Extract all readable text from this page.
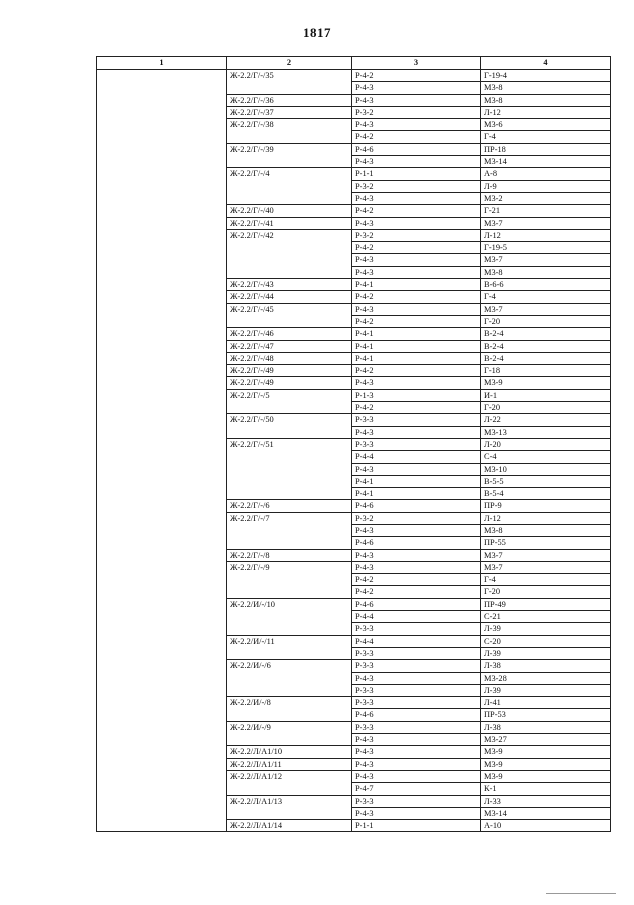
1817
1	2	3	4
	Ж-2.2/Г/-/35	Р-4-2	Г-19-4
		Р-4-3	М3-8
	Ж-2.2/Г/-/36	Р-4-3	М3-8
	Ж-2.2/Г/-/37	Р-3-2	Л-12
	Ж-2.2/Г/-/38	Р-4-3	М3-6
		Р-4-2	Г-4
	Ж-2.2/Г/-/39	Р-4-6	ПР-18
		Р-4-3	М3-14
	Ж-2.2/Г/-/4	Р-1-1	А-8
		Р-3-2	Л-9
		Р-4-3	М3-2
	Ж-2.2/Г/-/40	Р-4-2	Г-21
	Ж-2.2/Г/-/41	Р-4-3	М3-7
	Ж-2.2/Г/-/42	Р-3-2	Л-12
		Р-4-2	Г-19-5
		Р-4-3	М3-7
		Р-4-3	М3-8
	Ж-2.2/Г/-/43	Р-4-1	В-6-6
	Ж-2.2/Г/-/44	Р-4-2	Г-4
	Ж-2.2/Г/-/45	Р-4-3	М3-7
		Р-4-2	Г-20
	Ж-2.2/Г/-/46	Р-4-1	В-2-4
	Ж-2.2/Г/-/47	Р-4-1	В-2-4
	Ж-2.2/Г/-/48	Р-4-1	В-2-4
	Ж-2.2/Г/-/49	Р-4-2	Г-18
	Ж-2.2/Г/-/49	Р-4-3	М3-9
	Ж-2.2/Г/-/5	Р-1-3	И-1
		Р-4-2	Г-20
	Ж-2.2/Г/-/50	Р-3-3	Л-22
		Р-4-3	М3-13
	Ж-2.2/Г/-/51	Р-3-3	Л-20
		Р-4-4	С-4
		Р-4-3	М3-10
		Р-4-1	В-5-5
		Р-4-1	В-5-4
	Ж-2.2/Г/-/6	Р-4-6	ПР-9
	Ж-2.2/Г/-/7	Р-3-2	Л-12
		Р-4-3	М3-8
		Р-4-6	ПР-55
	Ж-2.2/Г/-/8	Р-4-3	М3-7
	Ж-2.2/Г/-/9	Р-4-3	М3-7
		Р-4-2	Г-4
		Р-4-2	Г-20
	Ж-2.2/И/-/10	Р-4-6	ПР-49
		Р-4-4	С-21
		Р-3-3	Л-39
	Ж-2.2/И/-/11	Р-4-4	С-20
		Р-3-3	Л-39
	Ж-2.2/И/-/6	Р-3-3	Л-38
		Р-4-3	М3-28
		Р-3-3	Л-39
	Ж-2.2/И/-/8	Р-3-3	Л-41
		Р-4-6	ПР-53
	Ж-2.2/И/-/9	Р-3-3	Л-38
		Р-4-3	М3-27
	Ж-2.2/Л/А1/10	Р-4-3	М3-9
	Ж-2.2/Л/А1/11	Р-4-3	М3-9
	Ж-2.2/Л/А1/12	Р-4-3	М3-9
		Р-4-7	К-1
	Ж-2.2/Л/А1/13	Р-3-3	Л-33
		Р-4-3	М3-14
	Ж-2.2/Л/А1/14	Р-1-1	А-10
